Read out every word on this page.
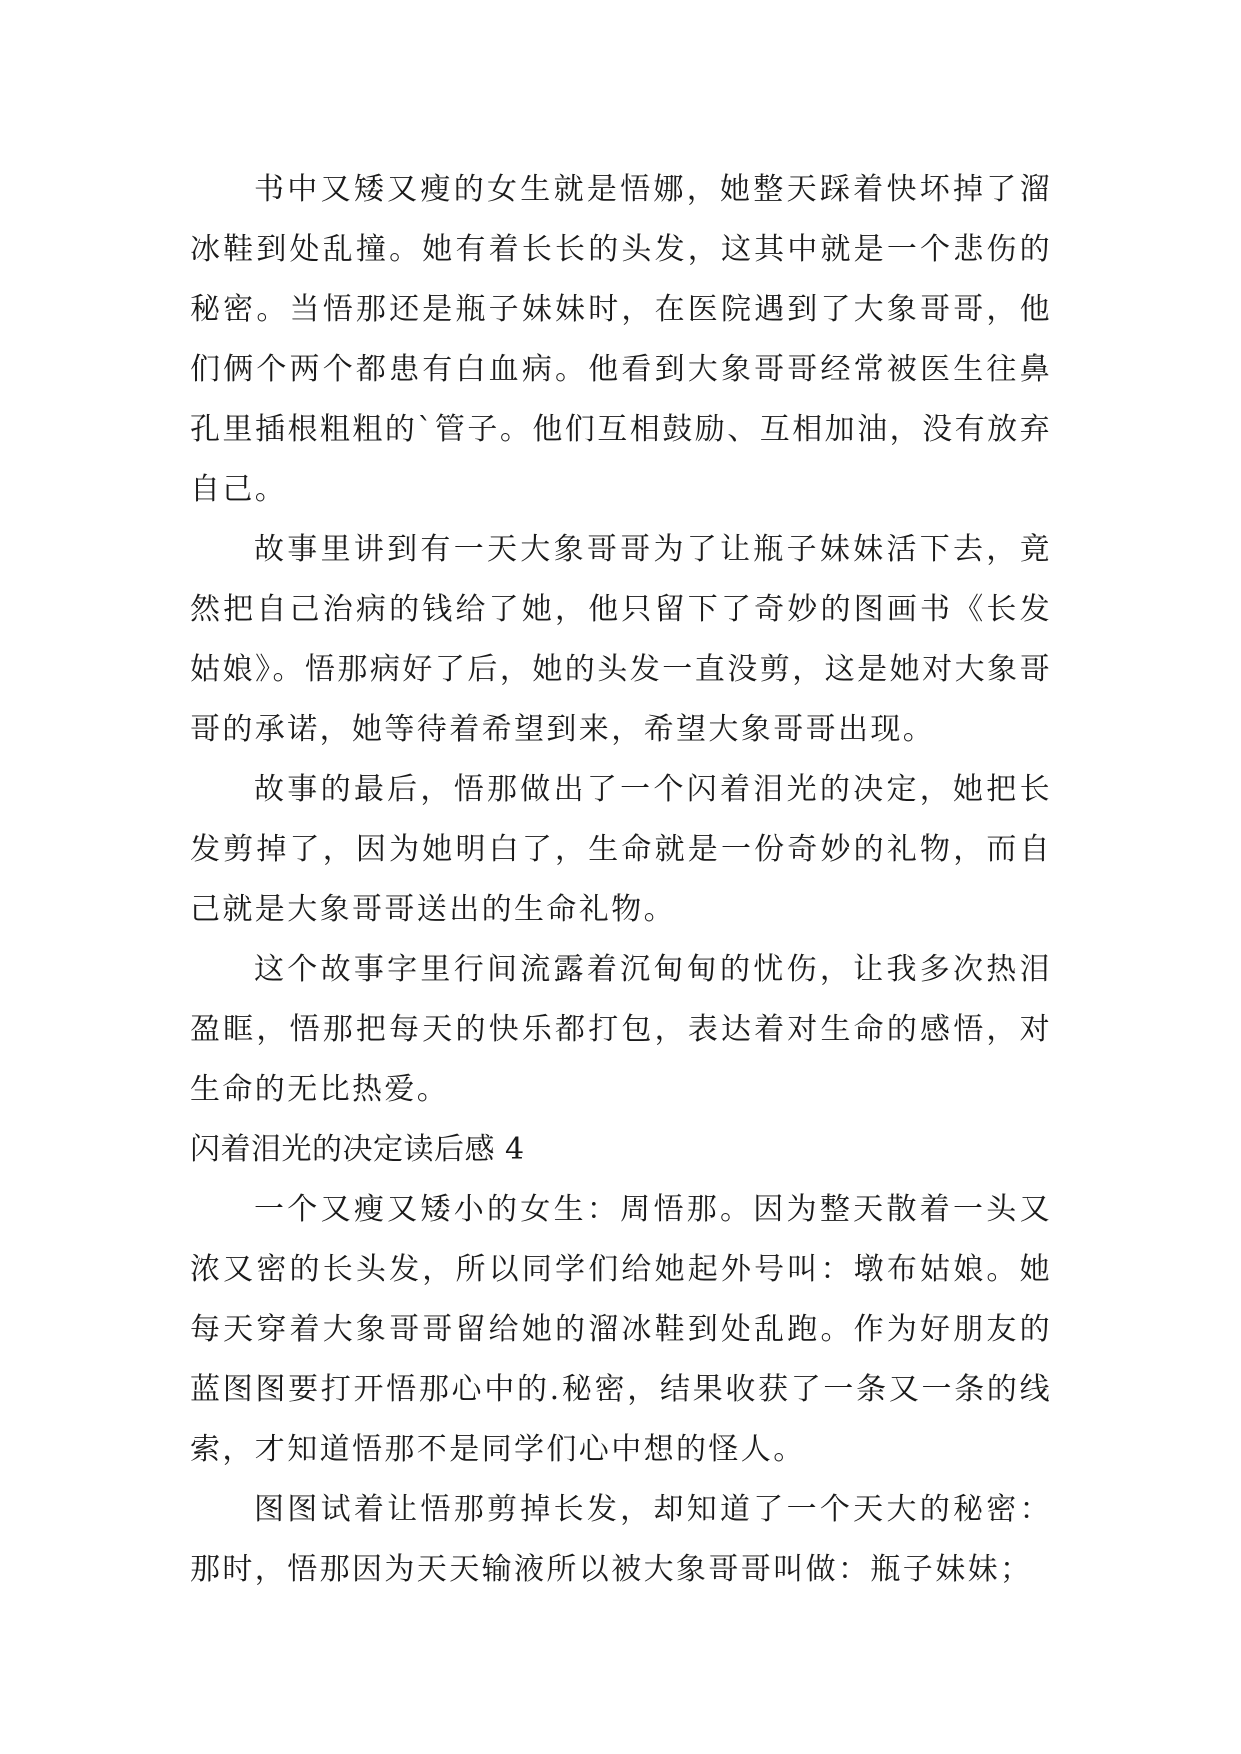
书中又矮又瘦的女生就是悟娜，她整天踩着快坏掉了溜冰鞋到处乱撞。她有着长长的头发，这其中就是一个悲伤的秘密。当悟那还是瓶子妹妹时，在医院遇到了大象哥哥，他们俩个两个都患有白血病。他看到大象哥哥经常被医生往鼻孔里插根粗粗的`管子。他们互相鼓励、互相加油，没有放弃自己。

故事里讲到有一天大象哥哥为了让瓶子妹妹活下去，竟然把自己治病的钱给了她，他只留下了奇妙的图画书《长发姑娘》。悟那病好了后，她的头发一直没剪，这是她对大象哥哥的承诺，她等待着希望到来，希望大象哥哥出现。

故事的最后，悟那做出了一个闪着泪光的决定，她把长发剪掉了，因为她明白了，生命就是一份奇妙的礼物，而自己就是大象哥哥送出的生命礼物。

这个故事字里行间流露着沉甸甸的忧伤，让我多次热泪盈眶，悟那把每天的快乐都打包，表达着对生命的感悟，对生命的无比热爱。

闪着泪光的决定读后感 4

一个又瘦又矮小的女生：周悟那。因为整天散着一头又浓又密的长头发，所以同学们给她起外号叫：墩布姑娘。她每天穿着大象哥哥留给她的溜冰鞋到处乱跑。作为好朋友的蓝图图要打开悟那心中的.秘密，结果收获了一条又一条的线索，才知道悟那不是同学们心中想的怪人。

图图试着让悟那剪掉长发，却知道了一个天大的秘密：那时，悟那因为天天输液所以被大象哥哥叫做：瓶子妹妹；
